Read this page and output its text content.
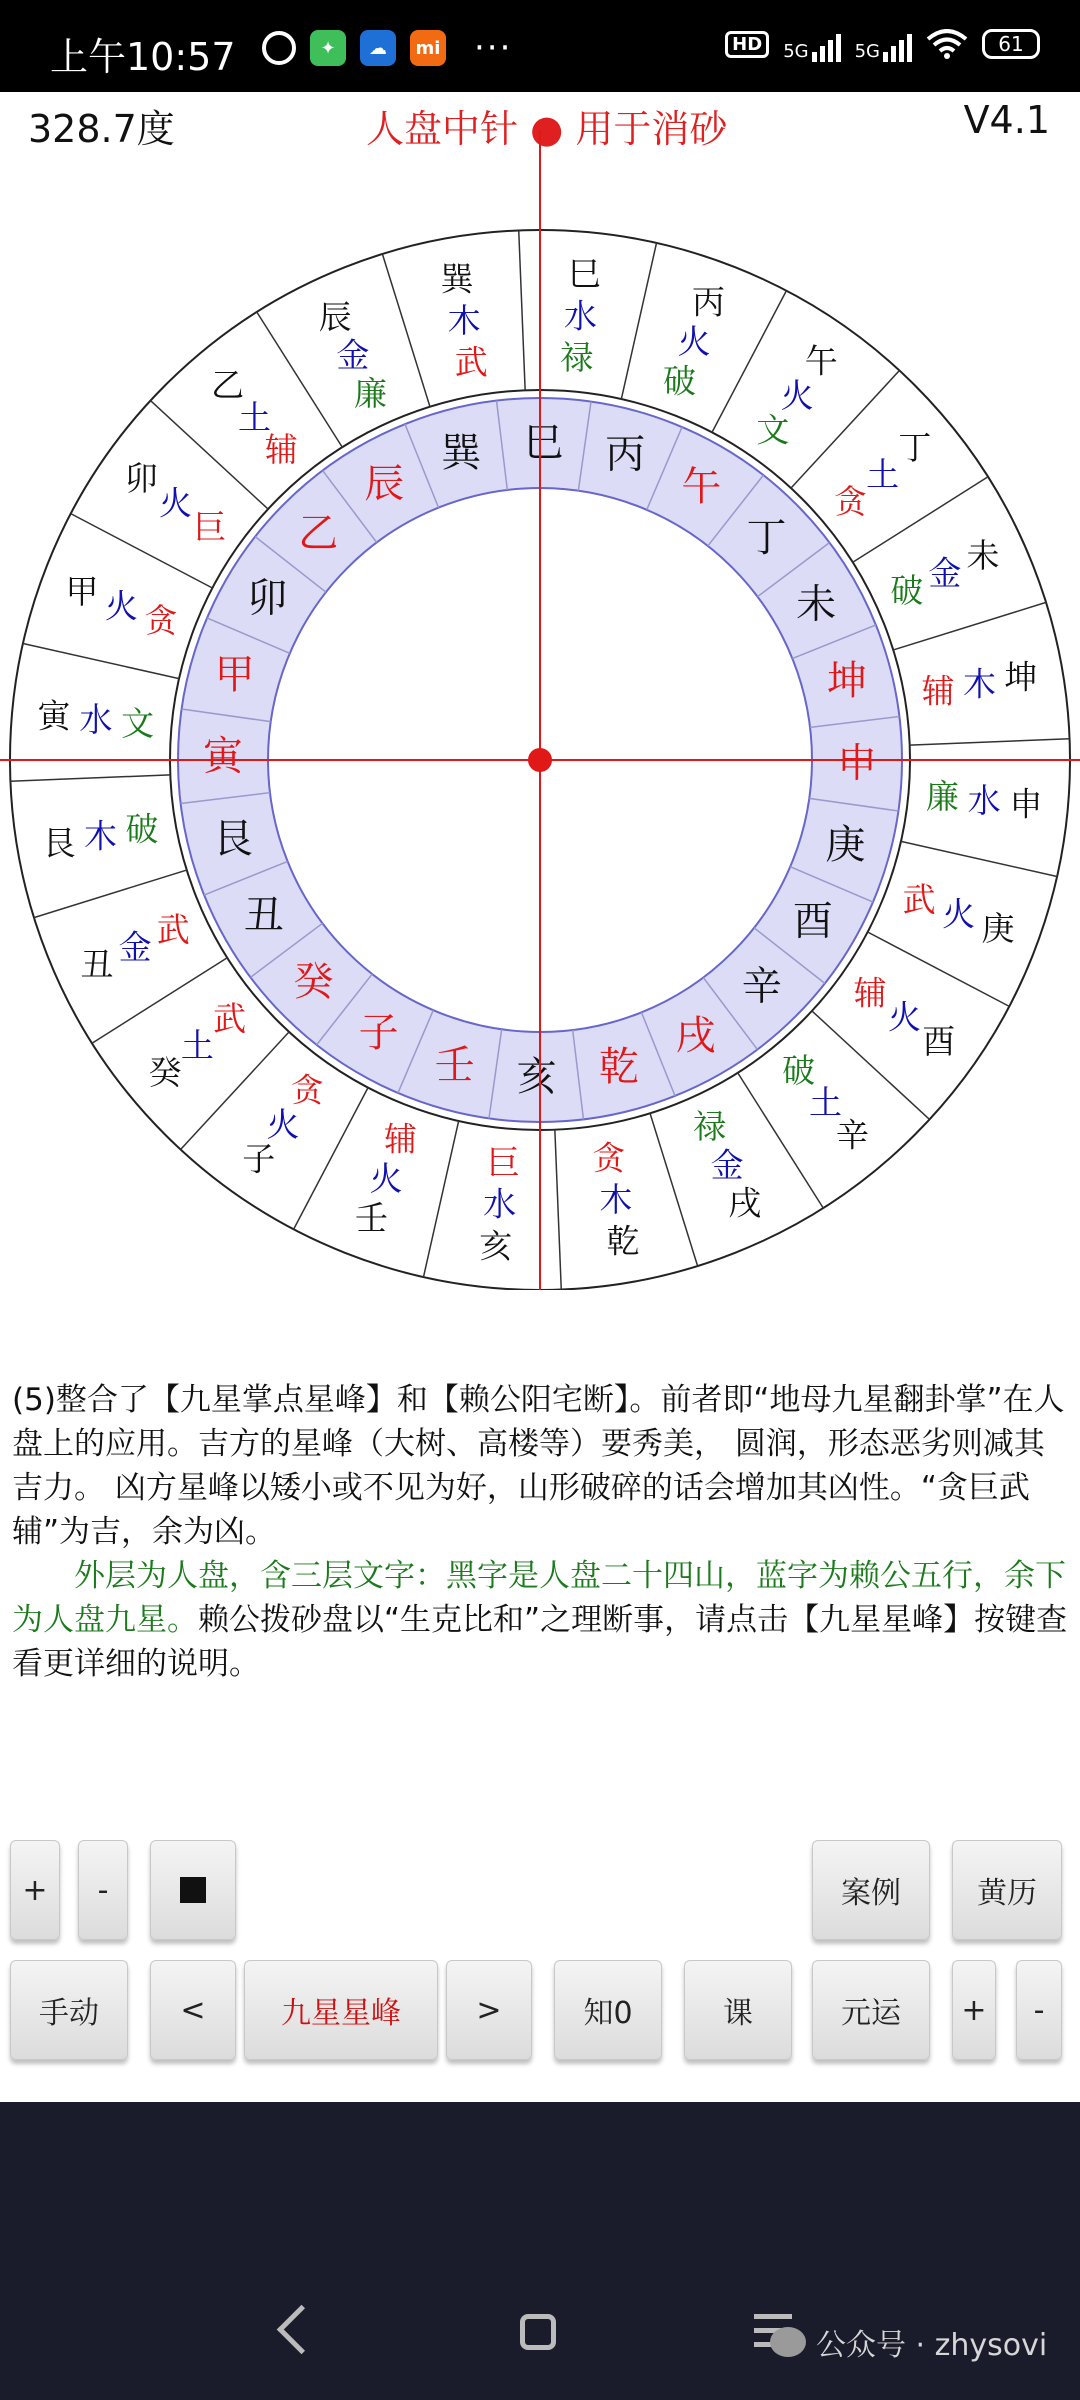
上午10:57	✦	☁	mi ···	HD	5G	5G	61
328.7度	人盘中针 ● 用于消砂	V4.1
巳
水
禄
丙
火
破
午
火
文	丁
土
贪
未
金
破
坤
木
辅
申
水
廉
庚
火
武
酉
火
辅
辛
土
破
戌
金
禄
乾
木
贪
亥
水
巨
壬
火
辅
子
火
贪
癸
土
武
丑 金 武
艮 木 破
寅 水 文
甲 火 贪
卯
火
巨
乙
土
辅
辰
金
廉
巽
木
武
巳 丙
午
丁
未
坤
申
庚
酉
辛
戌
乾
亥
壬
子
癸
丑
艮
寅
甲
卯
乙
辰
巽

(5)整合了【九星掌点星峰】和【赖公阳宅断】。前者即“地母九星翻卦掌”在人盘上的应用。吉方的星峰（大树、高楼等）要秀美， 圆润，形态恶劣则减其吉力。 凶方星峰以矮小或不见为好，山形破碎的话会增加其凶性。“贪巨武辅”为吉，余为凶。

　　外层为人盘，含三层文字：黑字是人盘二十四山，蓝字为赖公五行，余下为人盘九星。赖公拨砂盘以“生克比和”之理断事，请点击【九星星峰】按键查看更详细的说明。

+	-	案例	黄历
手动	<	九星星峰	>	知0	课	元运	+	-
公众号 · zhysovi
